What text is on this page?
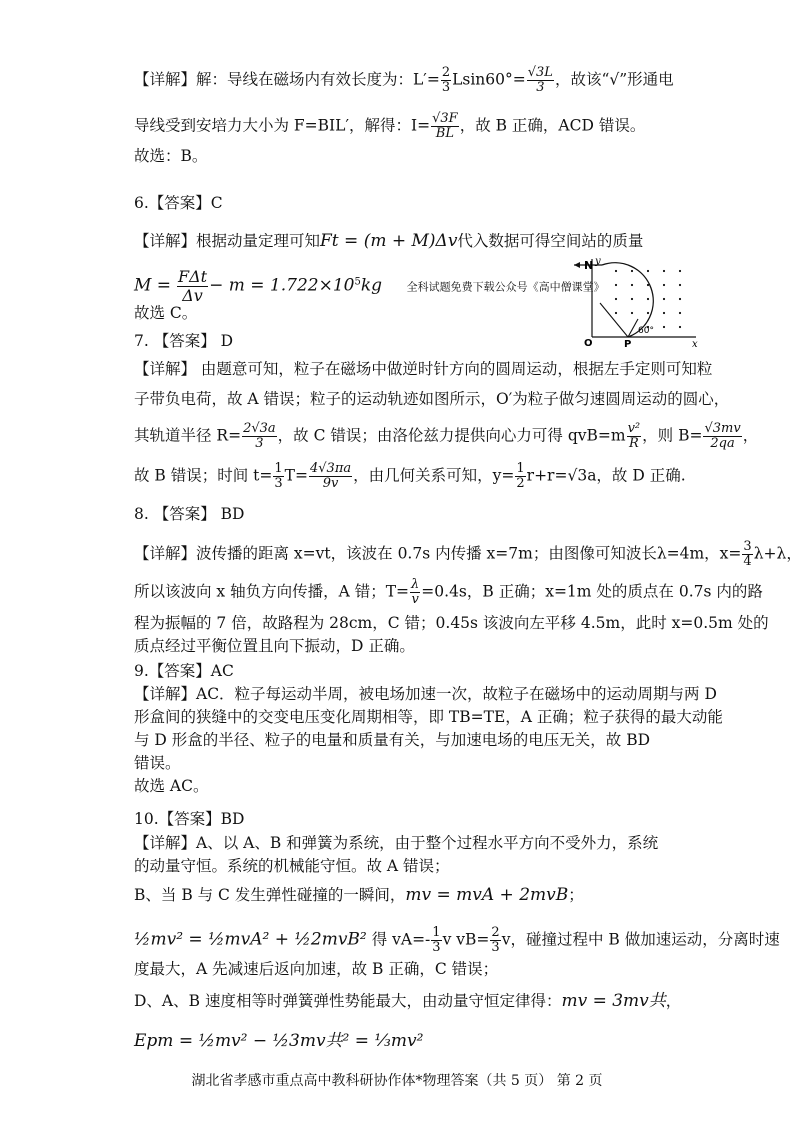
【详解】解：导线在磁场内有效长度为：$L'= \frac{2}{3} Lsin60^\circ= \frac{√3L}{3}$ ，故该“√”形通电
导线受到安培力大小为 F=BIL′，解得：$I= \frac{√3F}{BL}$ ，故 B 正确，ACD 错误。
故选：B。
6.【答案】C
【详解】根据动量定理可知Ft = (m + M)Δv代入数据可得空间站的质量
$M = \frac{\text{FΔt}}{\Delta v} - m = 1.722\times 10^5kg$ 全科试题免费下载公众号《高中僧课堂》
故选 C。
N y
O	P	x
60°
7. 【答案】 D
【详解】 由题意可知，粒子在磁场中做逆时针方向的圆周运动，根据左手定则可知粒
子带负电荷，故 A 错误；粒子的运动轨迹如图所示，O′为粒子做匀速圆周运动的圆心，
其轨道半径 $R= \frac{2√3a}{3}$ ，故 C 错误；由洛伦兹力提供向心力可得 $qvB=m \frac{\text{v²}}{R}$ ，则 $B= \frac{√3mv}{2qa}$ ，
故 B 错误；时间 $t= \frac{1}{3} T= \frac{4√3\pi a}{9v}$ ，由几何关系可知，$y= \frac{1}{2} r+r=√3a$，故 D 正确.
8. 【答案】 BD
【详解】波传播的距离 x=vt，该波在 0.7s 内传播 x=7m；由图像可知波长λ=4m，$x= \frac{3}{4} \lambda+\lambda$，
所以该波向 x 轴负方向传播，A 错；$T= \frac{\lambda}{v} =0.4s$，B 正确；x=1m 处的质点在 0.7s 内的路
程为振幅的 7 倍，故路程为 28cm，C 错；0.45s 该波向左平移 4.5m，此时 x=0.5m 处的
质点经过平衡位置且向下振动，D 正确。
9.【答案】AC
【详解】AC．粒子每运动半周，被电场加速一次，故粒子在磁场中的运动周期与两 D
形盒间的狭缝中的交变电压变化周期相等，即 TB=TE，A 正确；粒子获得的最大动能
与 D 形盒的半径、粒子的电量和质量有关，与加速电场的电压无关，故 BD
错误。
故选 AC。
10.【答案】BD
【详解】A、以 A、B 和弹簧为系统，由于整个过程水平方向不受外力，系统
的动量守恒。系统的机械能守恒。故 A 错误；
B、当 B 与 C 发生弹性碰撞的一瞬间，mv = mvA + 2mvB；
½mv² = ½mvA² + ½2mvB² 得 $vA=- \frac{1}{3}$ v $vB= \frac{2}{3}$ v，碰撞过程中 B 做加速运动，分离时速
度最大，A 先减速后返向加速，故 B 正确，C 错误；
D、A、B 速度相等时弹簧弹性势能最大，由动量守恒定律得：mv = 3mv共，
Epm = ½mv² − ½3mv共² = ⅓mv²
湖北省孝感市重点高中教科研协作体*物理答案（共 5 页） 第 2 页
